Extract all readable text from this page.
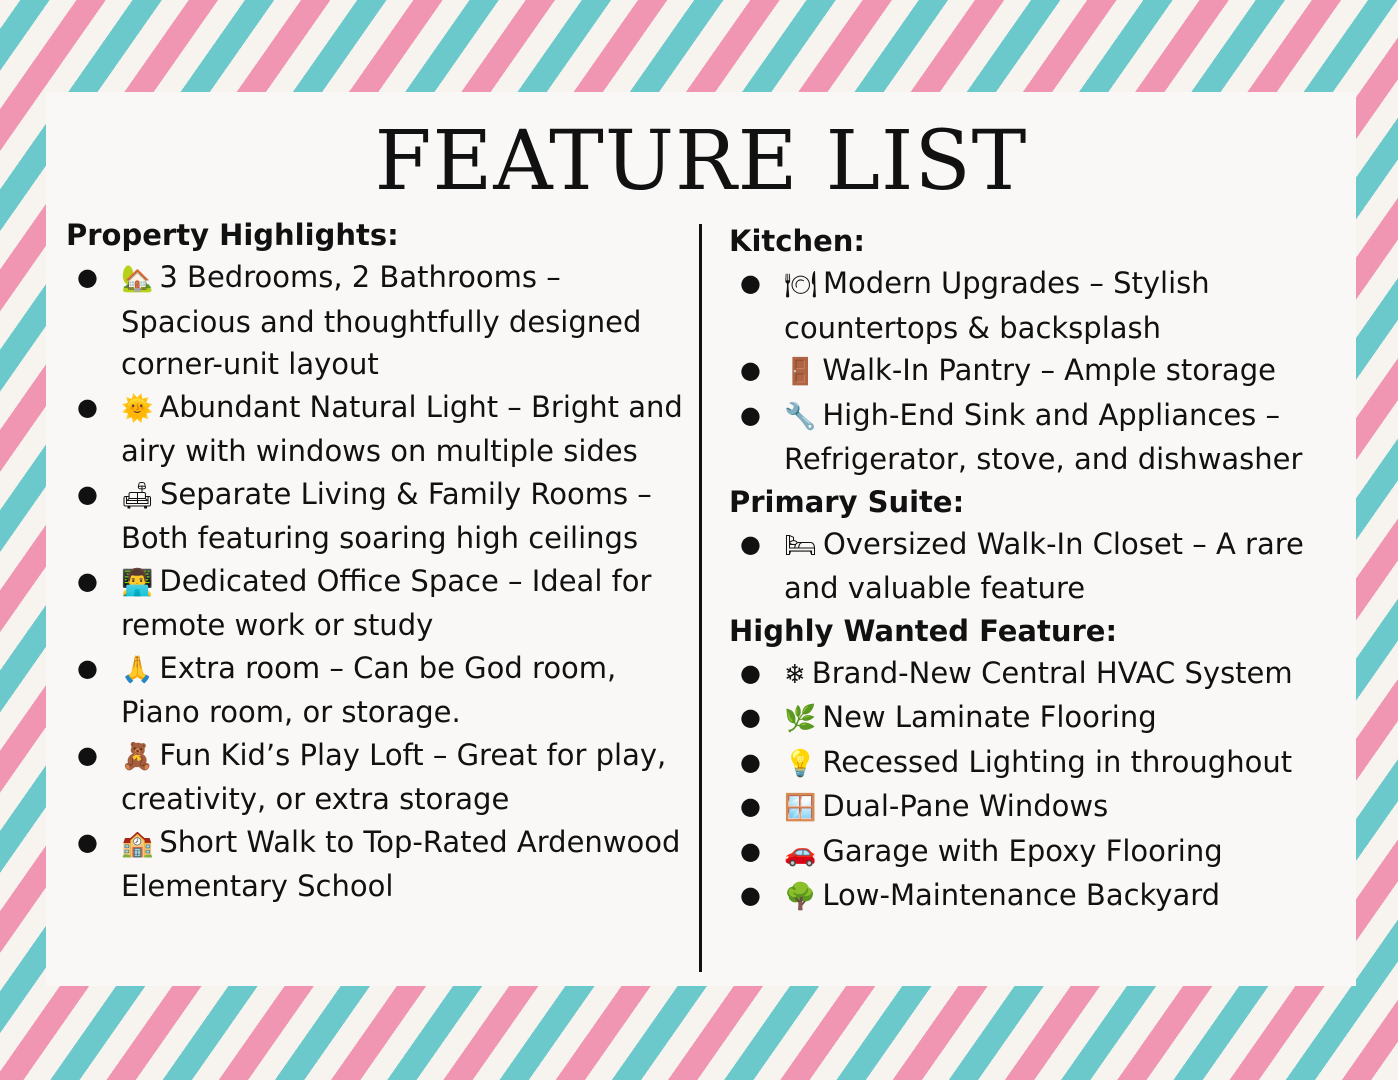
FEATURE LIST
Property Highlights:
● 🏡 3 Bedrooms, 2 Bathrooms – Spacious and thoughtfully designed corner-unit layout
● 🌞 Abundant Natural Light – Bright and airy with windows on multiple sides
● 🛋 Separate Living & Family Rooms – Both featuring soaring high ceilings
● 👨‍💻 Dedicated Office Space – Ideal for remote work or study
● 🙏 Extra room – Can be God room, Piano room, or storage.
● 🧸 Fun Kid’s Play Loft – Great for play, creativity, or extra storage
● 🏫 Short Walk to Top-Rated Ardenwood Elementary School
Kitchen:
● 🍽 Modern Upgrades – Stylish countertops & backsplash
● 🚪 Walk-In Pantry – Ample storage
● 🔧 High-End Sink and Appliances – Refrigerator, stove, and dishwasher
Primary Suite:
● 🛏 Oversized Walk-In Closet – A rare and valuable feature
Highly Wanted Feature:
● ❄ Brand-New Central HVAC System
● 🌿 New Laminate Flooring
● 💡 Recessed Lighting in throughout
● 🪟 Dual-Pane Windows
● 🚗 Garage with Epoxy Flooring
● 🌳 Low-Maintenance Backyard
